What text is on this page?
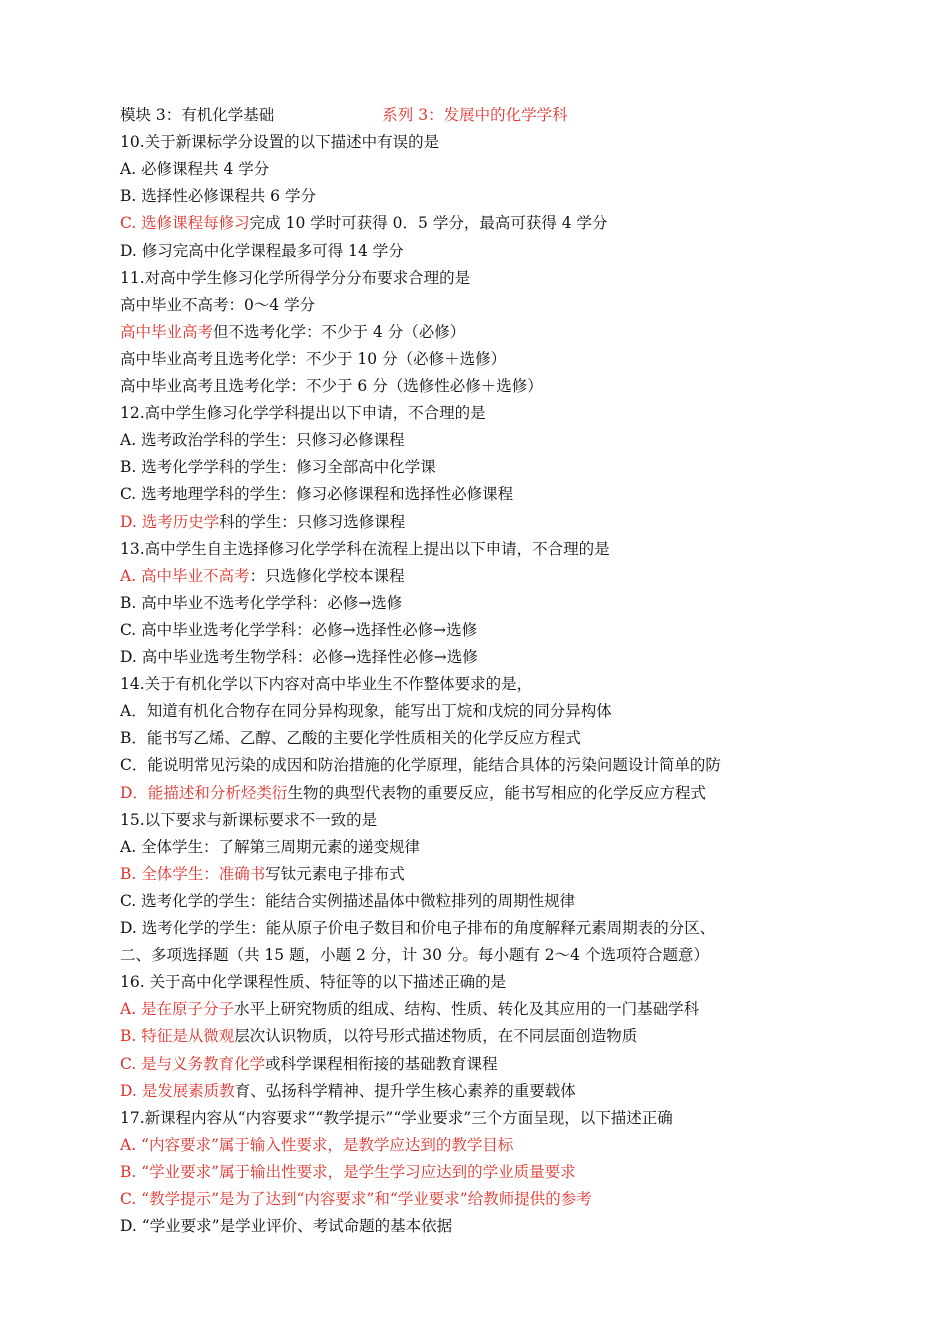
模块 3：有机化学基础	系列 3：发展中的化学学科
10.关于新课标学分设置的以下描述中有误的是
A. 必修课程共 4 学分
B. 选择性必修课程共 6 学分
C. 选修课程每修习完成 10 学时可获得 0．5 学分，最高可获得 4 学分
D. 修习完高中化学课程最多可得 14 学分
11.对高中学生修习化学所得学分分布要求合理的是
高中毕业不高考：0～4 学分
高中毕业高考但不选考化学：不少于 4 分（必修）
高中毕业高考且选考化学：不少于 10 分（必修＋选修）
高中毕业高考且选考化学：不少于 6 分（选修性必修＋选修）
12.高中学生修习化学学科提出以下申请，不合理的是
A. 选考政治学科的学生：只修习必修课程
B. 选考化学学科的学生：修习全部高中化学课
C. 选考地理学科的学生：修习必修课程和选择性必修课程
D. 选考历史学科的学生：只修习选修课程
13.高中学生自主选择修习化学学科在流程上提出以下申请，不合理的是
A. 高中毕业不高考：只选修化学校本课程
B. 高中毕业不选考化学学科：必修→选修
C. 高中毕业选考化学学科：必修→选择性必修→选修
D. 高中毕业选考生物学科：必修→选择性必修→选修
14.关于有机化学以下内容对高中毕业生不作整体要求的是，
A．知道有机化合物存在同分异构现象，能写出丁烷和戊烷的同分异构体
B．能书写乙烯、乙醇、乙酸的主要化学性质相关的化学反应方程式
C．能说明常见污染的成因和防治措施的化学原理，能结合具体的污染问题设计简单的防
D．能描述和分析烃类衍生物的典型代表物的重要反应，能书写相应的化学反应方程式
15.以下要求与新课标要求不一致的是
A. 全体学生：了解第三周期元素的递变规律
B. 全体学生：准确书写钛元素电子排布式
C. 选考化学的学生：能结合实例描述晶体中微粒排列的周期性规律
D. 选考化学的学生：能从原子价电子数目和价电子排布的角度解释元素周期表的分区、
二、多项选择题（共 15 题，小题 2 分，计 30 分。每小题有 2～4 个选项符合题意）
16. 关于高中化学课程性质、特征等的以下描述正确的是
A. 是在原子分子水平上研究物质的组成、结构、性质、转化及其应用的一门基础学科
B. 特征是从微观层次认识物质，以符号形式描述物质，在不同层面创造物质
C. 是与义务教育化学或科学课程相衔接的基础教育课程
D. 是发展素质教育、弘扬科学精神、提升学生核心素养的重要载体
17.新课程内容从“内容要求”“教学提示”“学业要求”三个方面呈现，以下描述正确
A. “内容要求”属于输入性要求，是教学应达到的教学目标
B. “学业要求”属于输出性要求，是学生学习应达到的学业质量要求
C. “教学提示”是为了达到“内容要求”和“学业要求”给教师提供的参考
D. “学业要求”是学业评价、考试命题的基本依据
